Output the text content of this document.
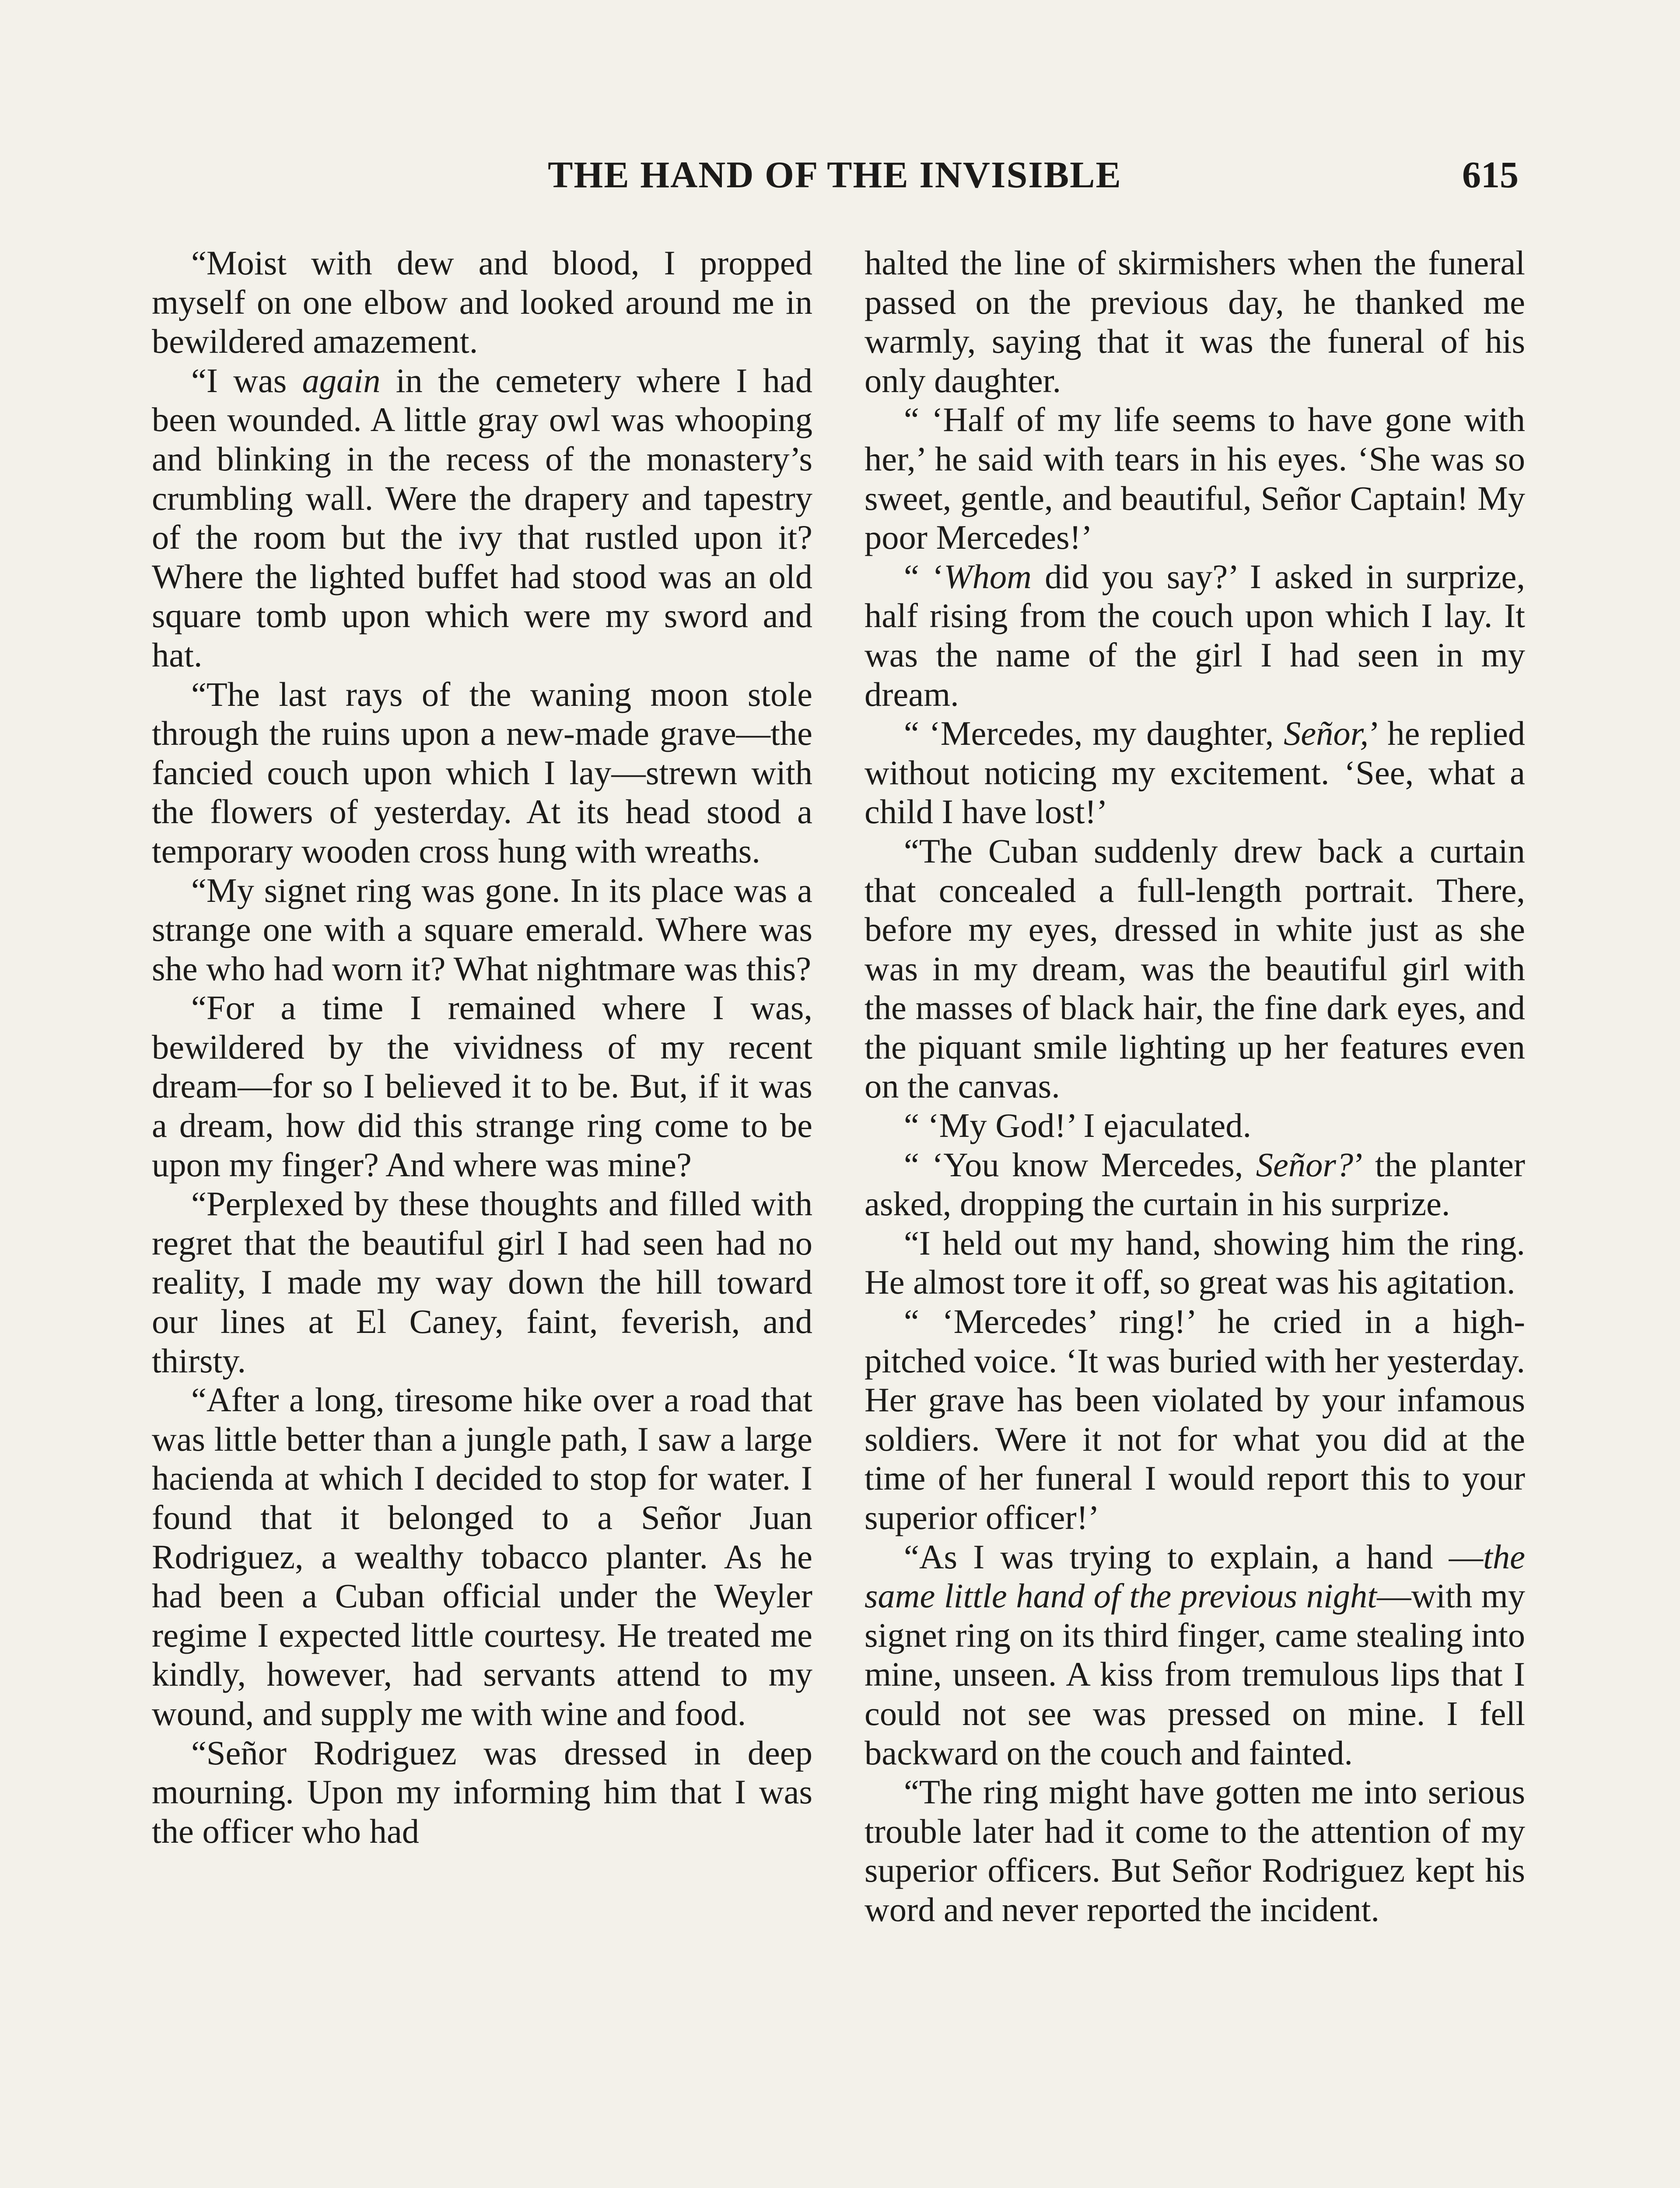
THE HAND OF THE INVISIBLE	615

“Moist with dew and blood, I propped myself on one elbow and looked around me in bewildered amazement.

“I was again in the cemetery where I had been wounded. A little gray owl was whooping and blinking in the recess of the monastery’s crumbling wall. Were the drapery and tapestry of the room but the ivy that rustled upon it? Where the lighted buffet had stood was an old square tomb upon which were my sword and hat.

“The last rays of the waning moon stole through the ruins upon a new-made grave—the fancied couch upon which I lay—strewn with the flowers of yesterday. At its head stood a temporary wooden cross hung with wreaths.

“My signet ring was gone. In its place was a strange one with a square emerald. Where was she who had worn it? What nightmare was this?

“For a time I remained where I was, bewildered by the vividness of my recent dream—for so I believed it to be. But, if it was a dream, how did this strange ring come to be upon my finger? And where was mine?

“Perplexed by these thoughts and filled with regret that the beautiful girl I had seen had no reality, I made my way down the hill toward our lines at El Caney, faint, feverish, and thirsty.

“After a long, tiresome hike over a road that was little better than a jungle path, I saw a large hacienda at which I decided to stop for water. I found that it belonged to a Señor Juan Rodriguez, a wealthy tobacco planter. As he had been a Cuban official under the Weyler regime I expected little courtesy. He treated me kindly, however, had servants attend to my wound, and supply me with wine and food.

“Señor Rodriguez was dressed in deep mourning. Upon my informing him that I was the officer who had

halted the line of skirmishers when the funeral passed on the previous day, he thanked me warmly, saying that it was the funeral of his only daughter.

“ ‘Half of my life seems to have gone with her,’ he said with tears in his eyes. ‘She was so sweet, gentle, and beautiful, Señor Captain! My poor Mercedes!’

“ ‘Whom did you say?’ I asked in surprize, half rising from the couch upon which I lay. It was the name of the girl I had seen in my dream.

“ ‘Mercedes, my daughter, Señor,’ he replied without noticing my excitement. ‘See, what a child I have lost!’

“The Cuban suddenly drew back a curtain that concealed a full-length portrait. There, before my eyes, dressed in white just as she was in my dream, was the beautiful girl with the masses of black hair, the fine dark eyes, and the piquant smile lighting up her features even on the canvas.

“ ‘My God!’ I ejaculated.

“ ‘You know Mercedes, Señor?’ the planter asked, dropping the curtain in his surprize.

“I held out my hand, showing him the ring. He almost tore it off, so great was his agitation.

“ ‘Mercedes’ ring!’ he cried in a high-pitched voice. ‘It was buried with her yesterday. Her grave has been violated by your infamous soldiers. Were it not for what you did at the time of her funeral I would report this to your superior officer!’

“As I was trying to explain, a hand —the same little hand of the previous night—with my signet ring on its third finger, came stealing into mine, unseen. A kiss from tremulous lips that I could not see was pressed on mine. I fell backward on the couch and fainted.

“The ring might have gotten me into serious trouble later had it come to the attention of my superior officers. But Señor Rodriguez kept his word and never reported the incident.
